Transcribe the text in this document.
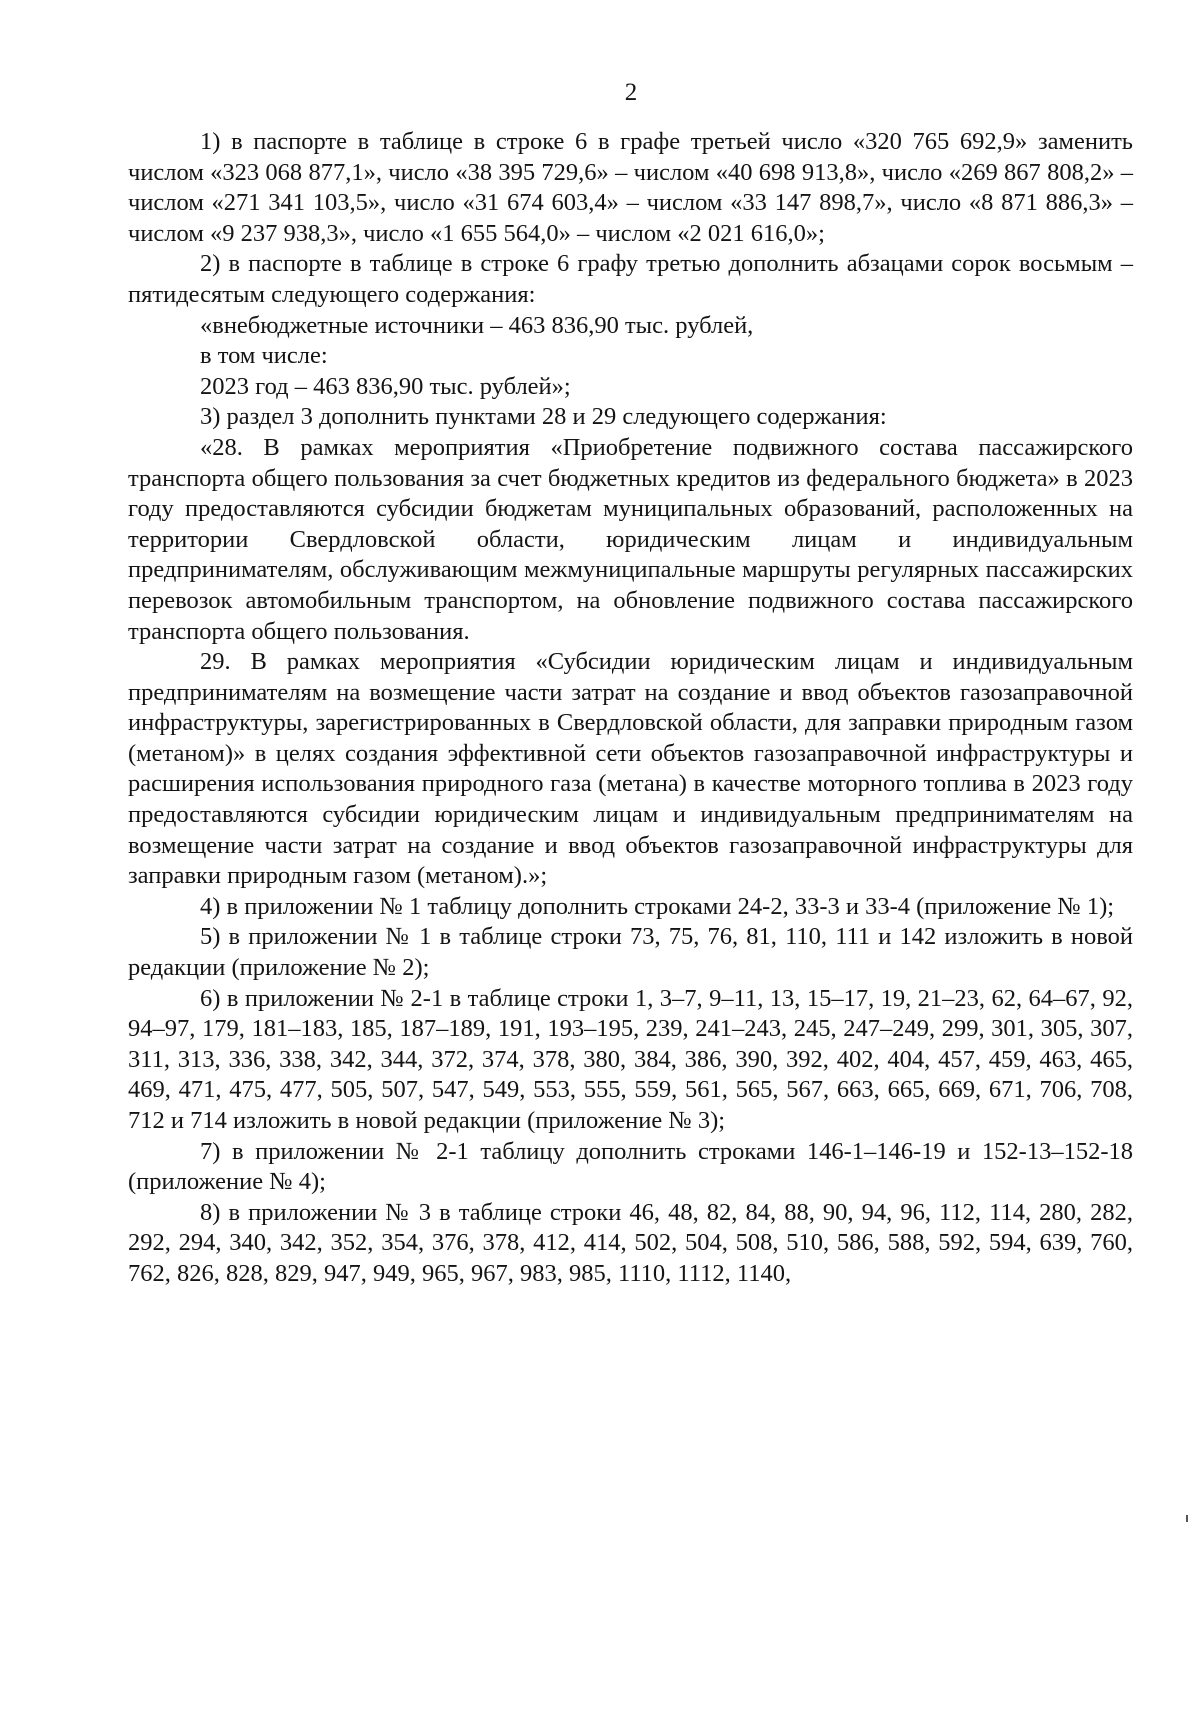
2

1) в паспорте в таблице в строке 6 в графе третьей число «320 765 692,9» заменить числом «323 068 877,1», число «38 395 729,6» – числом «40 698 913,8», число «269 867 808,2» – числом «271 341 103,5», число «31 674 603,4» – числом «33 147 898,7», число «8 871 886,3» – числом «9 237 938,3», число «1 655 564,0» – числом «2 021 616,0»;

2) в паспорте в таблице в строке 6 графу третью дополнить абзацами сорок восьмым – пятидесятым следующего содержания:

«внебюджетные источники – 463 836,90 тыс. рублей,

в том числе:

2023 год – 463 836,90 тыс. рублей»;

3) раздел 3 дополнить пунктами 28 и 29 следующего содержания:

«28. В рамках мероприятия «Приобретение подвижного состава пассажирского транспорта общего пользования за счет бюджетных кредитов из федерального бюджета» в 2023 году предоставляются субсидии бюджетам муниципальных образований, расположенных на территории Свердловской области, юридическим лицам и индивидуальным предпринимателям, обслуживающим межмуниципальные маршруты регулярных пассажирских перевозок автомобильным транспортом, на обновление подвижного состава пассажирского транспорта общего пользования.

29. В рамках мероприятия «Субсидии юридическим лицам и индивидуальным предпринимателям на возмещение части затрат на создание и ввод объектов газозаправочной инфраструктуры, зарегистрированных в Свердловской области, для заправки природным газом (метаном)» в целях создания эффективной сети объектов газозаправочной инфраструктуры и расширения использования природного газа (метана) в качестве моторного топлива в 2023 году предоставляются субсидии юридическим лицам и индивидуальным предпринимателям на возмещение части затрат на создание и ввод объектов газозаправочной инфраструктуры для заправки природным газом (метаном).»;

4) в приложении № 1 таблицу дополнить строками 24-2, 33-3 и 33-4 (приложение № 1);

5) в приложении № 1 в таблице строки 73, 75, 76, 81, 110, 111 и 142 изложить в новой редакции (приложение № 2);

6) в приложении № 2-1 в таблице строки 1, 3–7, 9–11, 13, 15–17, 19, 21–23, 62, 64–67, 92, 94–97, 179, 181–183, 185, 187–189, 191, 193–195, 239, 241–243, 245, 247–249, 299, 301, 305, 307, 311, 313, 336, 338, 342, 344, 372, 374, 378, 380, 384, 386, 390, 392, 402, 404, 457, 459, 463, 465, 469, 471, 475, 477, 505, 507, 547, 549, 553, 555, 559, 561, 565, 567, 663, 665, 669, 671, 706, 708, 712 и 714 изложить в новой редакции (приложение № 3);

7) в приложении № 2-1 таблицу дополнить строками 146-1–146-19 и 152-13–152-18 (приложение № 4);

8) в приложении № 3 в таблице строки 46, 48, 82, 84, 88, 90, 94, 96, 112, 114, 280, 282, 292, 294, 340, 342, 352, 354, 376, 378, 412, 414, 502, 504, 508, 510, 586, 588, 592, 594, 639, 760, 762, 826, 828, 829, 947, 949, 965, 967, 983, 985, 1110, 1112, 1140,
